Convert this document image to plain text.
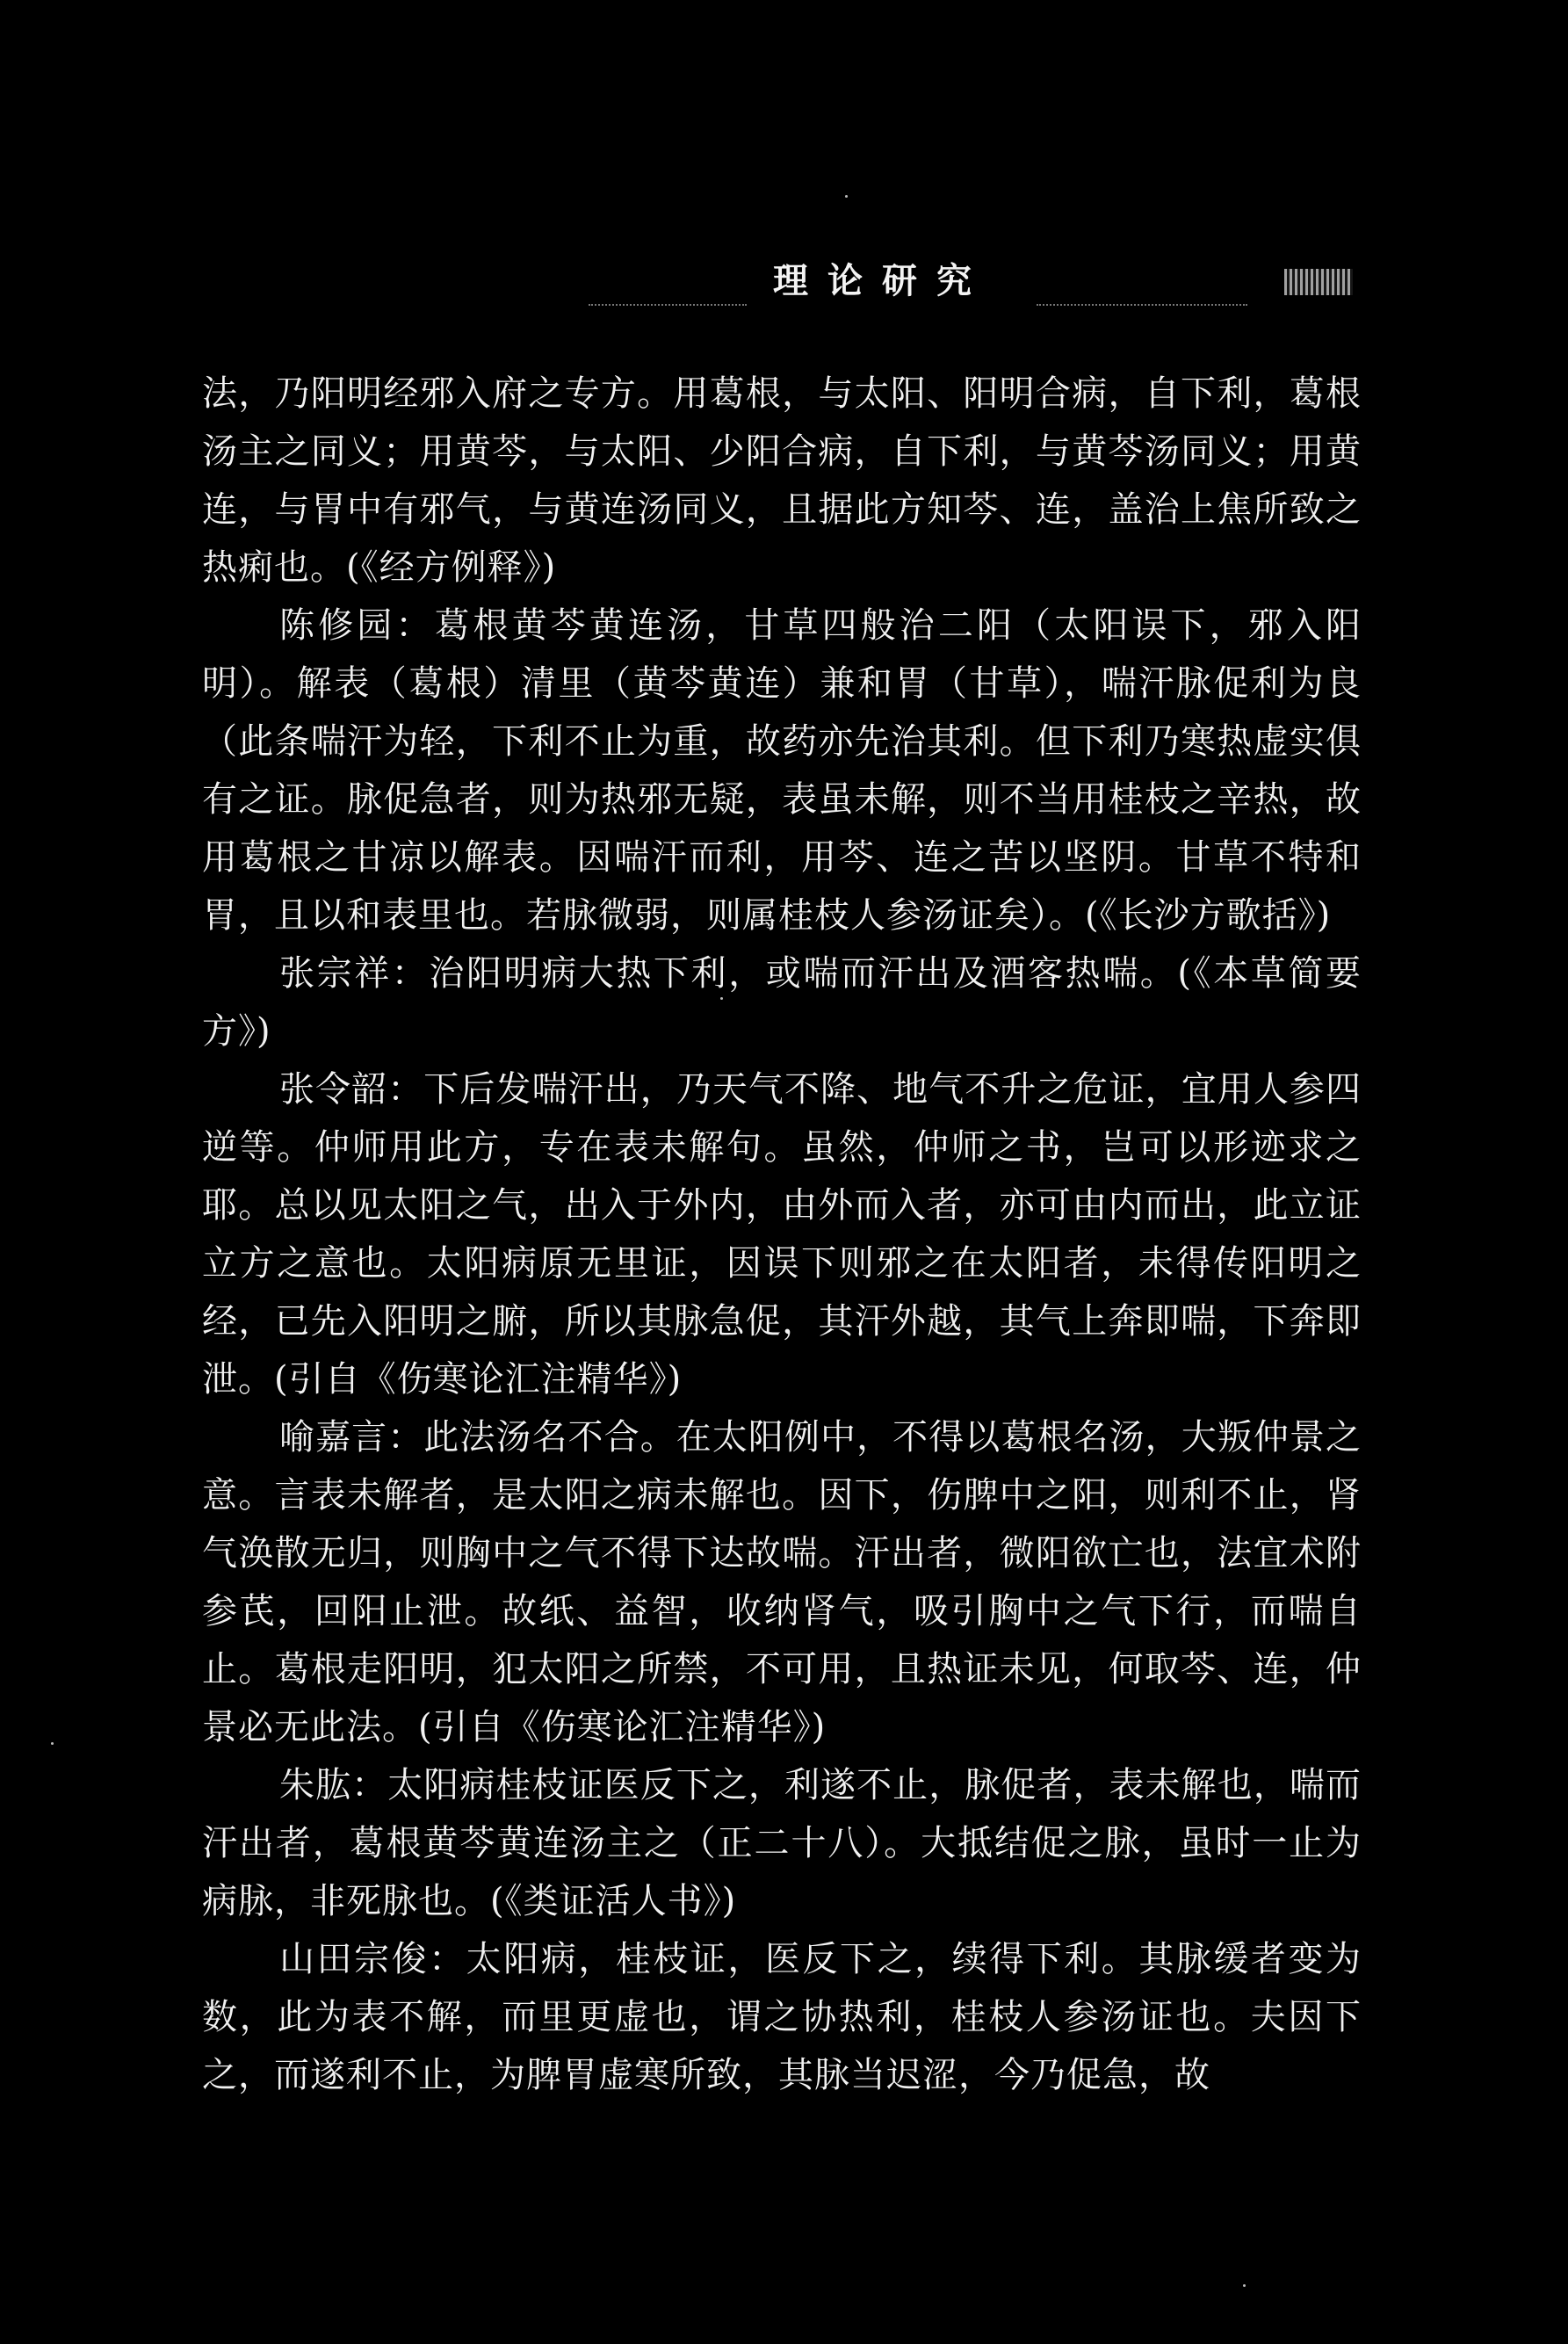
理论研究

法，乃阳明经邪入府之专方。用葛根，与太阳、阳明合病，自下利，葛根汤主之同义；用黄芩，与太阳、少阳合病，自下利，与黄芩汤同义；用黄连，与胃中有邪气，与黄连汤同义，且据此方知芩、连，盖治上焦所致之热痢也。(《经方例释》)

陈修园：葛根黄芩黄连汤，甘草四般治二阳（太阳误下，邪入阳明）。解表（葛根）清里（黄芩黄连）兼和胃（甘草），喘汗脉促利为良（此条喘汗为轻，下利不止为重，故药亦先治其利。但下利乃寒热虚实俱有之证。脉促急者，则为热邪无疑，表虽未解，则不当用桂枝之辛热，故用葛根之甘凉以解表。因喘汗而利，用芩、连之苦以坚阴。甘草不特和胃，且以和表里也。若脉微弱，则属桂枝人参汤证矣）。(《长沙方歌括》)

张宗祥：治阳明病大热下利，或喘而汗出及酒客热喘。(《本草简要方》)

张令韶：下后发喘汗出，乃天气不降、地气不升之危证，宜用人参四逆等。仲师用此方，专在表未解句。虽然，仲师之书，岂可以形迹求之耶。总以见太阳之气，出入于外内，由外而入者，亦可由内而出，此立证立方之意也。太阳病原无里证，因误下则邪之在太阳者，未得传阳明之经，已先入阳明之腑，所以其脉急促，其汗外越，其气上奔即喘，下奔即泄。(引自《伤寒论汇注精华》)

喻嘉言：此法汤名不合。在太阳例中，不得以葛根名汤，大叛仲景之意。言表未解者，是太阳之病未解也。因下，伤脾中之阳，则利不止，肾气涣散无归，则胸中之气不得下达故喘。汗出者，微阳欲亡也，法宜术附参芪，回阳止泄。故纸、益智，收纳肾气，吸引胸中之气下行，而喘自止。葛根走阳明，犯太阳之所禁，不可用，且热证未见，何取芩、连，仲景必无此法。(引自《伤寒论汇注精华》)

朱肱：太阳病桂枝证医反下之，利遂不止，脉促者，表未解也，喘而汗出者，葛根黄芩黄连汤主之（正二十八）。大抵结促之脉，虽时一止为病脉，非死脉也。(《类证活人书》)

山田宗俊：太阳病，桂枝证，医反下之，续得下利。其脉缓者变为数，此为表不解，而里更虚也，谓之协热利，桂枝人参汤证也。夫因下之，而遂利不止，为脾胃虚寒所致，其脉当迟涩，今乃促急，故
